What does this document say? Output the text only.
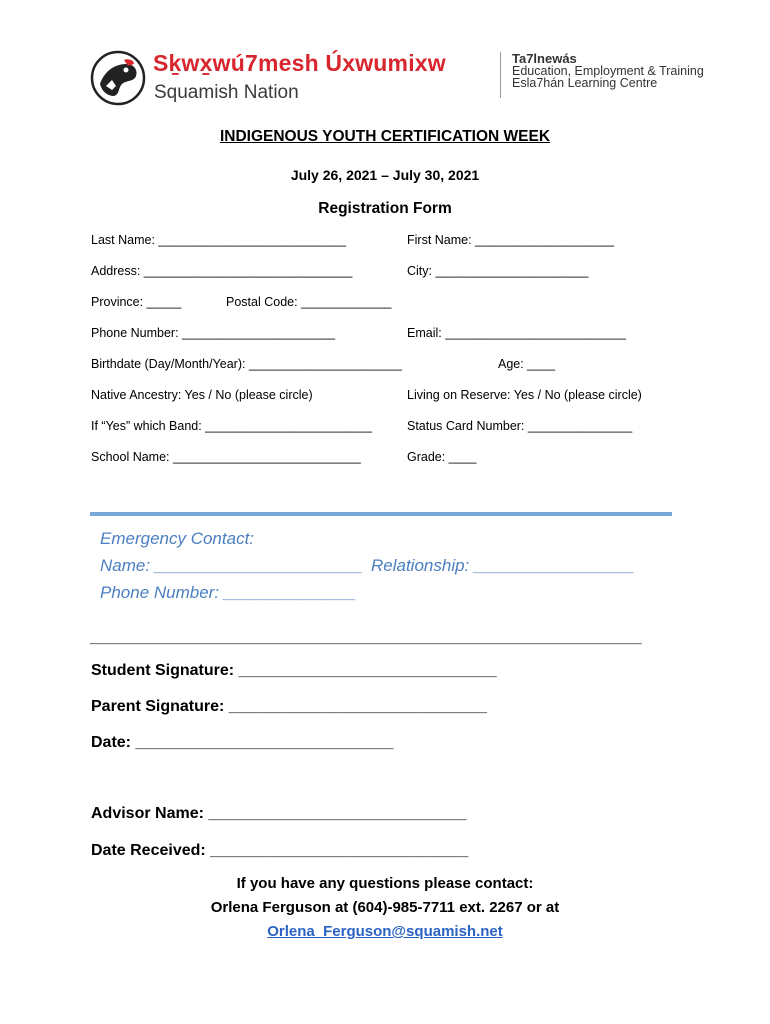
Sḵwx̱wú7mesh Úxwumixw
Squamish Nation
Ta7lnewás
Education, Employment & Training
Esla7hán Learning Centre
INDIGENOUS YOUTH CERTIFICATION WEEK
July 26, 2021 – July 30, 2021
Registration Form
Last Name: ___________________________	First Name: ____________________
Address: ______________________________	City: ______________________
Province: _____	Postal Code: _____________
Phone Number: ______________________	Email: __________________________
Birthdate (Day/Month/Year): ______________________	Age: ____
Native Ancestry: Yes / No (please circle)	Living on Reserve: Yes / No (please circle)
If “Yes” which Band: ________________________	Status Card Number: _______________
School Name: ___________________________	Grade: ____
Emergency Contact:
Name: ______________________ Relationship: _________________
Phone Number: ______________
______________________________________________________________
Student Signature: _____________________________
Parent Signature: _____________________________
Date: _____________________________
Advisor Name: _____________________________
Date Received: _____________________________
If you have any questions please contact:
Orlena Ferguson at (604)-985-7711 ext. 2267 or at
Orlena_Ferguson@squamish.net
